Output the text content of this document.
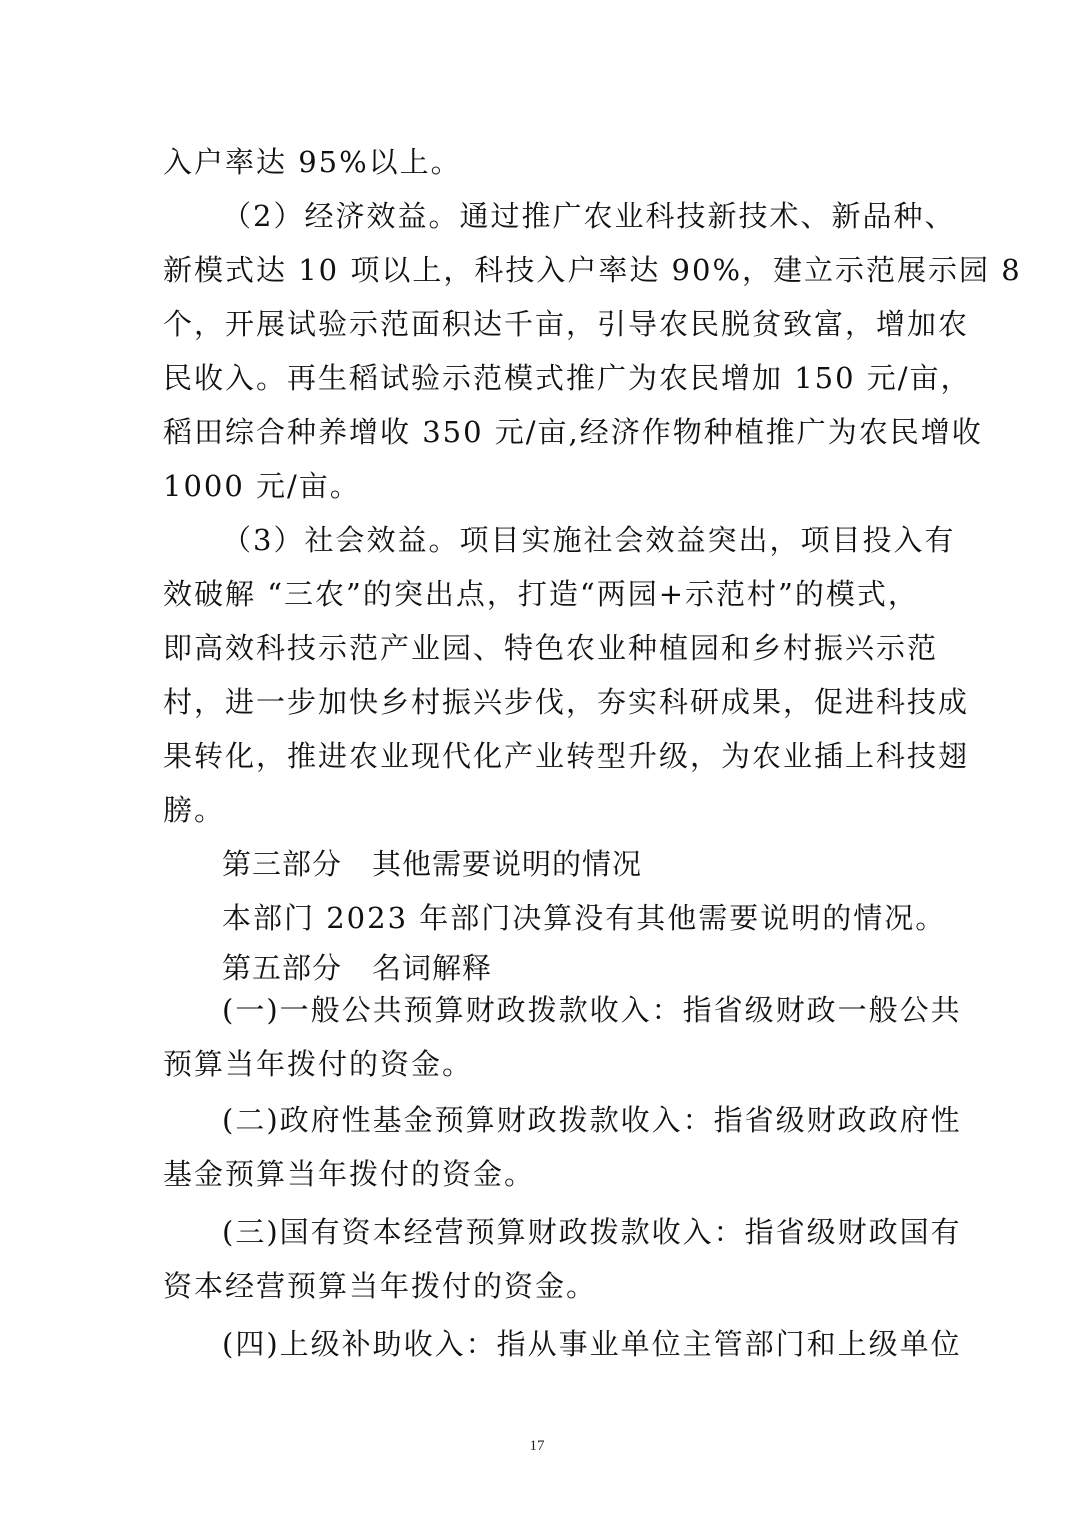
入户率达 95%以上。
（2）经济效益。通过推广农业科技新技术、新品种、
新模式达 10 项以上，科技入户率达 90%，建立示范展示园 8
个，开展试验示范面积达千亩，引导农民脱贫致富，增加农
民收入。再生稻试验示范模式推广为农民增加 150 元/亩，
稻田综合种养增收 350 元/亩,经济作物种植推广为农民增收
1000 元/亩。
（3）社会效益。项目实施社会效益突出，项目投入有
效破解 “三农”的突出点，打造“两园+示范村”的模式，
即高效科技示范产业园、特色农业种植园和乡村振兴示范
村，进一步加快乡村振兴步伐，夯实科研成果，促进科技成
果转化，推进农业现代化产业转型升级，为农业插上科技翅
膀。
第三部分　其他需要说明的情况
本部门 2023 年部门决算没有其他需要说明的情况。
第五部分　名词解释
(一)一般公共预算财政拨款收入：指省级财政一般公共
预算当年拨付的资金。
(二)政府性基金预算财政拨款收入：指省级财政政府性
基金预算当年拨付的资金。
(三)国有资本经营预算财政拨款收入：指省级财政国有
资本经营预算当年拨付的资金。
(四)上级补助收入：指从事业单位主管部门和上级单位
17
